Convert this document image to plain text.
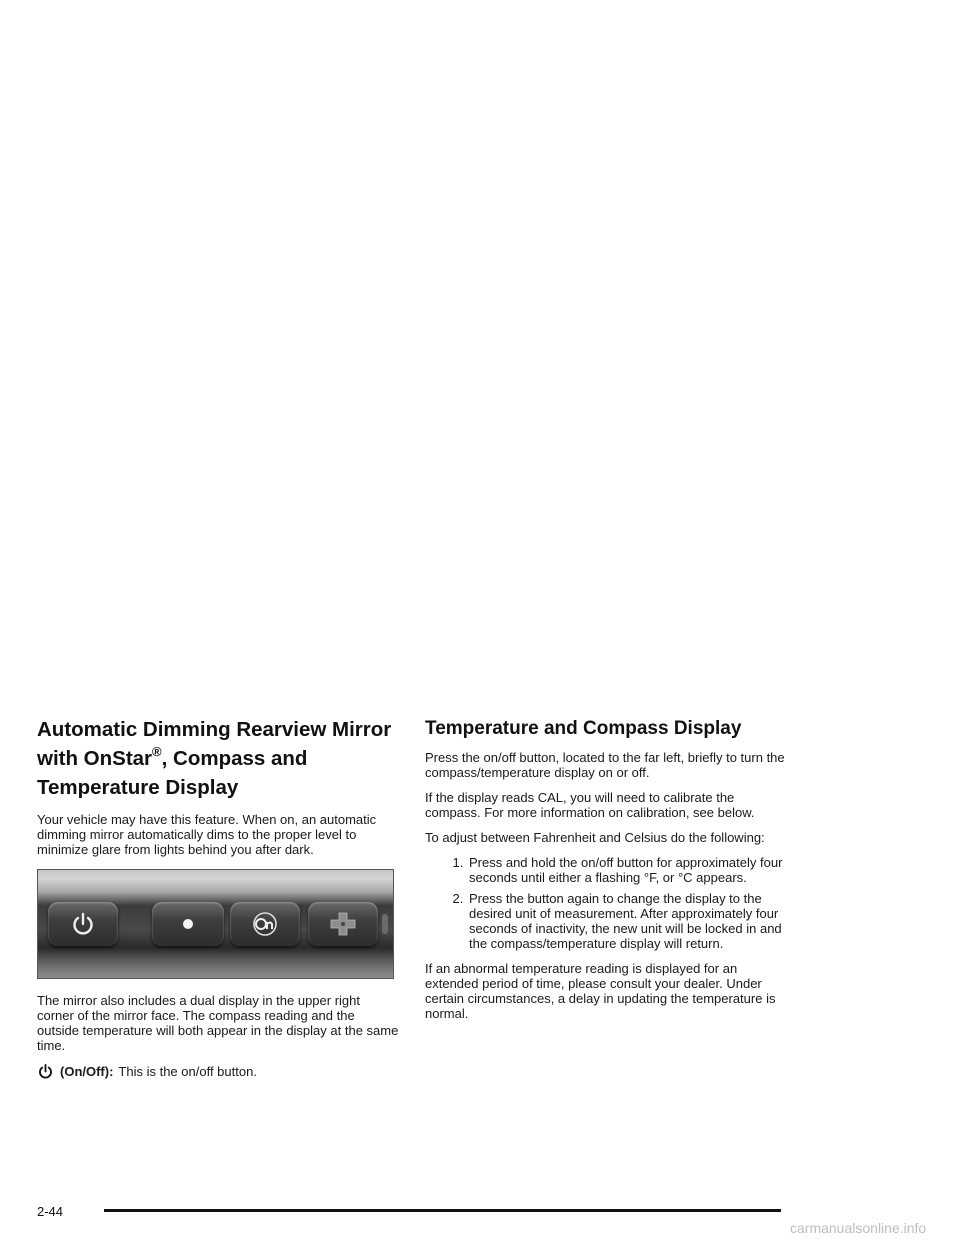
Automatic Dimming Rearview Mirror
with OnStar®, Compass and
Temperature Display

Your vehicle may have this feature. When on, an automatic dimming mirror automatically dims to the proper level to minimize glare from lights behind you after dark.

The mirror also includes a dual display in the upper right corner of the mirror face. The compass reading and the outside temperature will both appear in the display at the same time.

(On/Off): This is the on/off button.
Temperature and Compass Display

Press the on/off button, located to the far left, briefly to turn the compass/temperature display on or off.

If the display reads CAL, you will need to calibrate the compass. For more information on calibration, see below.

To adjust between Fahrenheit and Celsius do the following:

1. Press and hold the on/off button for approximately four seconds until either a flashing °F, or °C appears.
2. Press the button again to change the display to the desired unit of measurement. After approximately four seconds of inactivity, the new unit will be locked in and the compass/temperature display will return.

If an abnormal temperature reading is displayed for an extended period of time, please consult your dealer. Under certain circumstances, a delay in updating the temperature is normal.

2-44
carmanualsonline.info
